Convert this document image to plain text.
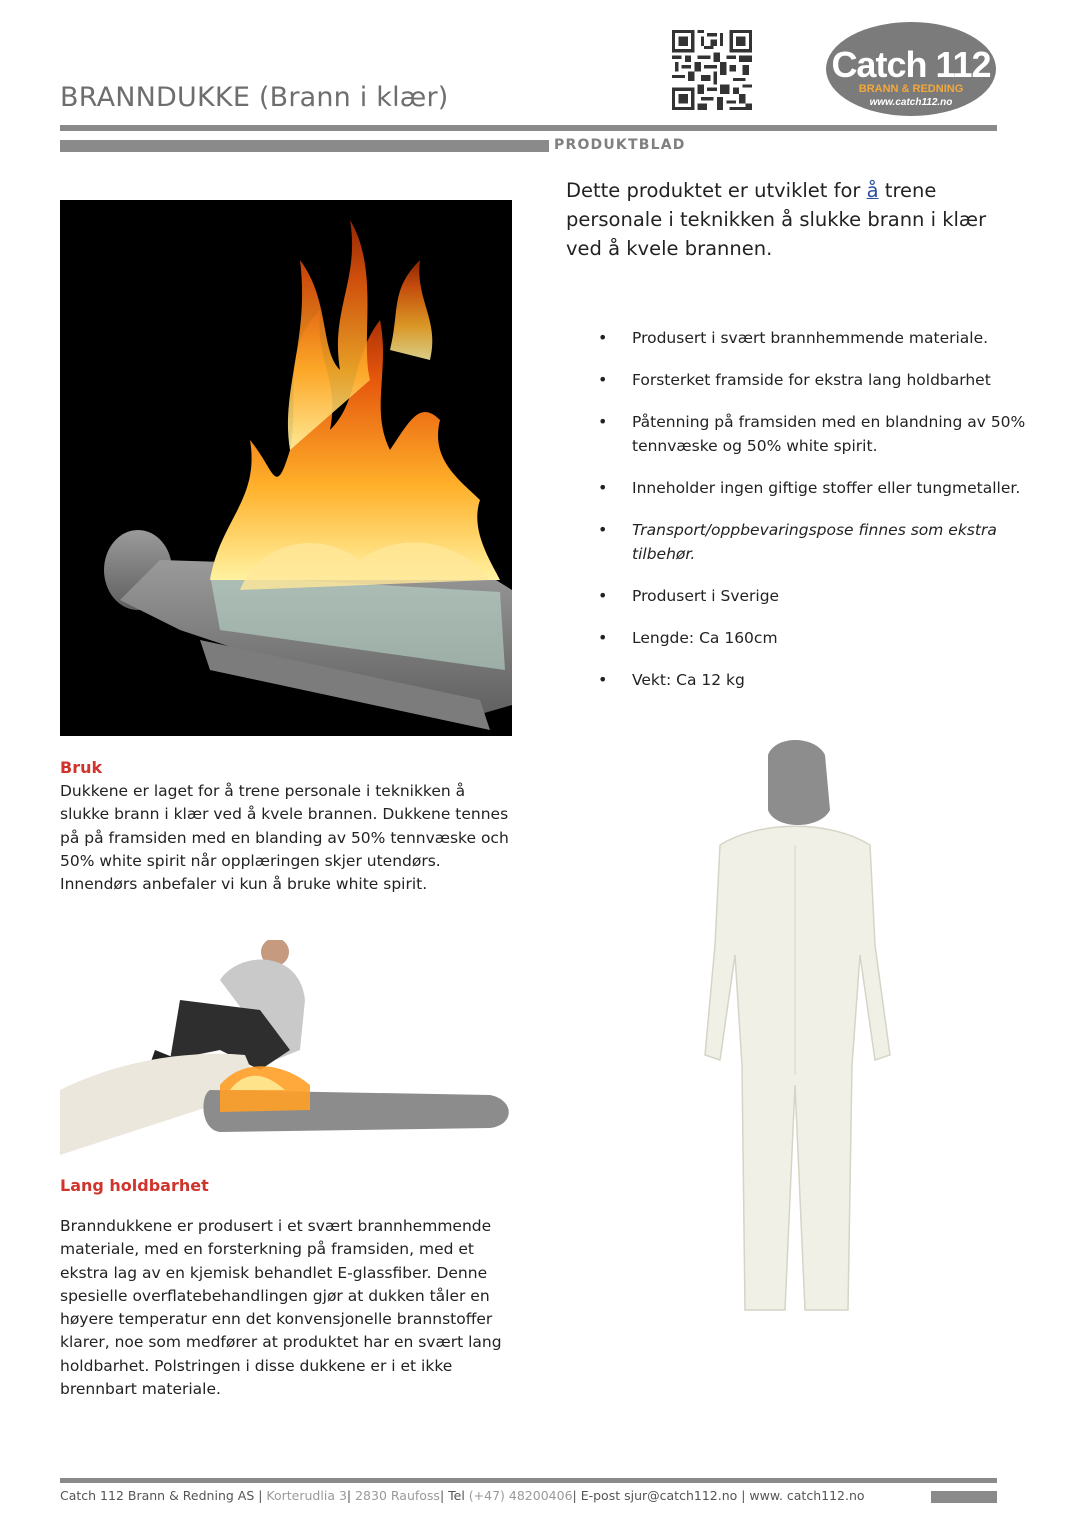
BRANNDUKKE (Brann i klær)
Catch 112
BRANN & REDNING
www.catch112.no
PRODUKTBLAD
Dette produktet er utviklet for å trene personale i teknikken å slukke brann i klær ved å kvele brannen.
• Produsert i svært brannhemmende materiale.
• Forsterket framside for ekstra lang holdbarhet
• Påtenning på framsiden med en blandning av 50% tennvæske og 50% white spirit.
• Inneholder ingen giftige stoffer eller tungmetaller.
• Transport/oppbevaringspose finnes som ekstra tilbehør.
• Produsert i Sverige
• Lengde: Ca 160cm
• Vekt: Ca 12 kg
Bruk
Dukkene er laget for å trene personale i teknikken å slukke brann i klær ved å kvele brannen. Dukkene tennes på på framsiden med en blanding av 50% tennvæske och 50% white spirit når opplæringen skjer utendørs. Innendørs anbefaler vi kun å bruke white spirit.
Lang holdbarhet
Branndukkene er produsert i et svært brannhemmende materiale, med en forsterkning på framsiden, med et ekstra lag av en kjemisk behandlet E-glassfiber. Denne spesielle overflatebehandlingen gjør at dukken tåler en høyere temperatur enn det konvensjonelle brannstoffer klarer, noe som medfører at produktet har en svært lang holdbarhet. Polstringen i disse dukkene er i et ikke brennbart materiale.
Catch 112 Brann & Redning AS | Korterudlia 3| 2830 Raufoss| Tel (+47) 48200406| E-post sjur@catch112.no | www. catch112.no
